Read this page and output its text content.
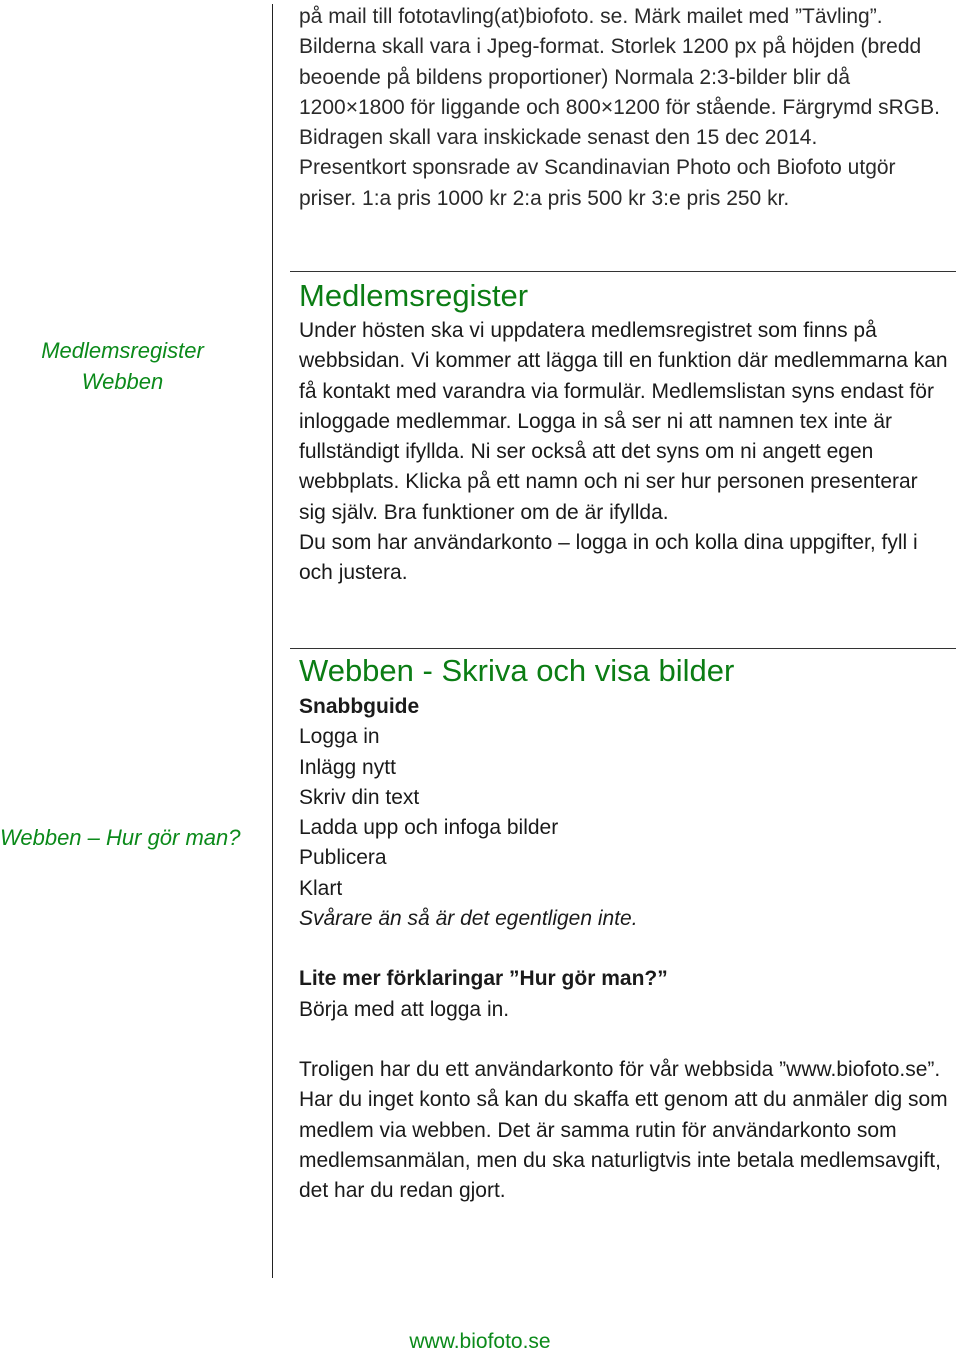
Medlemsregister
Webben
Webben – Hur gör man?

på mail till fototavling(at)biofoto. se. Märk mailet med ”Tävling”. Bilderna skall vara i Jpeg-format. Storlek 1200 px på höjden (bredd beoende på bildens proportioner) Normala 2:3-bilder blir då 1200×1800 för liggande och 800×1200 för stående. Färgrymd sRGB.

Bidragen skall vara inskickade senast den 15 dec 2014.

Presentkort sponsrade av Scandinavian Photo och Biofoto utgör priser. 1:a pris 1000 kr 2:a pris 500 kr 3:e pris 250 kr.

Medlemsregister

Under hösten ska vi uppdatera medlemsregistret som finns på webbsidan. Vi kommer att lägga till en funktion där medlemmarna kan få kontakt med varandra via formulär. Medlemslistan syns endast för inloggade medlemmar. Logga in så ser ni att namnen tex inte är fullständigt ifyllda. Ni ser också att det syns om ni angett egen webbplats. Klicka på ett namn och ni ser hur personen presenterar sig själv. Bra funktioner om de är ifyllda.

Du som har användarkonto – logga in och kolla dina uppgifter, fyll i och justera.

Webben - Skriva och visa bilder
Snabbguide
Logga in
Inlägg nytt
Skriv din text
Ladda upp och infoga bilder
Publicera
Klart
Svårare än så är det egentligen inte.
Lite mer förklaringar ”Hur gör man?”
Börja med att logga in.
Troligen har du ett användarkonto för vår webbsida ”www.biofoto.se”. Har du inget konto så kan du skaffa ett genom att du anmäler dig som medlem via webben. Det är samma rutin för användarkonto som medlemsanmälan, men du ska naturligtvis inte betala medlemsavgift, det har du redan gjort.
www.biofoto.se
